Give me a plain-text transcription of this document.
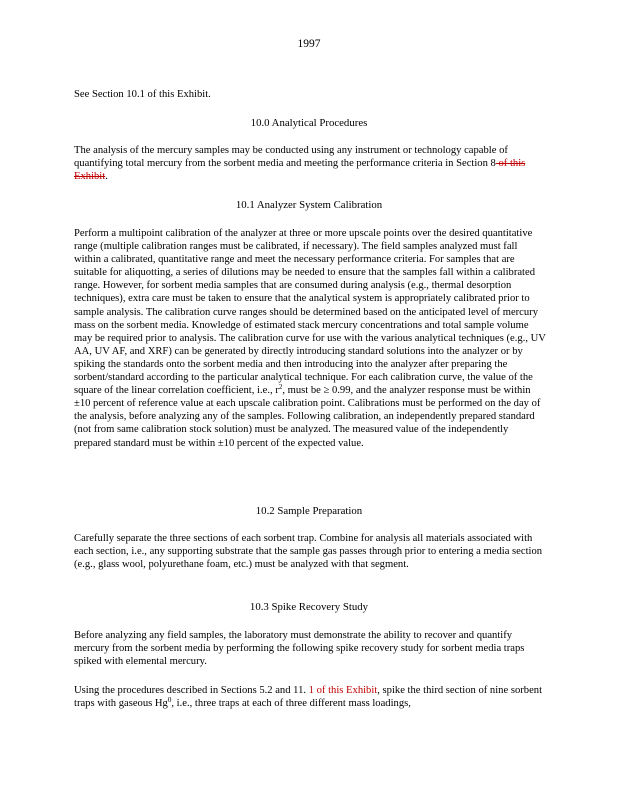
1997

See Section 10.1 of this Exhibit.

10.0 Analytical Procedures

The analysis of the mercury samples may be conducted using any instrument or technology capable of quantifying total mercury from the sorbent media and meeting the performance criteria in Section 8 of this Exhibit.

10.1 Analyzer System Calibration

Perform a multipoint calibration of the analyzer at three or more upscale points over the desired quantitative range (multiple calibration ranges must be calibrated, if necessary). The field samples analyzed must fall within a calibrated, quantitative range and meet the necessary performance criteria. For samples that are suitable for aliquotting, a series of dilutions may be needed to ensure that the samples fall within a calibrated range. However, for sorbent media samples that are consumed during analysis (e.g., thermal desorption techniques), extra care must be taken to ensure that the analytical system is appropriately calibrated prior to sample analysis. The calibration curve ranges should be determined based on the anticipated level of mercury mass on the sorbent media. Knowledge of estimated stack mercury concentrations and total sample volume may be required prior to analysis. The calibration curve for use with the various analytical techniques (e.g., UV AA, UV AF, and XRF) can be generated by directly introducing standard solutions into the analyzer or by spiking the standards onto the sorbent media and then introducing into the analyzer after preparing the sorbent/standard according to the particular analytical technique. For each calibration curve, the value of the square of the linear correlation coefficient, i.e., $r^2$, must be ≥ 0.99, and the analyzer response must be within ±10 percent of reference value at each upscale calibration point. Calibrations must be performed on the day of the analysis, before analyzing any of the samples. Following calibration, an independently prepared standard (not from same calibration stock solution) must be analyzed. The measured value of the independently prepared standard must be within ±10 percent of the expected value.

10.2 Sample Preparation

Carefully separate the three sections of each sorbent trap. Combine for analysis all materials associated with each section, i.e., any supporting substrate that the sample gas passes through prior to entering a media section (e.g., glass wool, polyurethane foam, etc.) must be analyzed with that segment.

10.3 Spike Recovery Study

Before analyzing any field samples, the laboratory must demonstrate the ability to recover and quantify mercury from the sorbent media by performing the following spike recovery study for sorbent media traps spiked with elemental mercury.

Using the procedures described in Sections 5.2 and 11. 1 of this Exhibit, spike the third section of nine sorbent traps with gaseous Hg$^0$, i.e., three traps at each of three different mass loadings,
